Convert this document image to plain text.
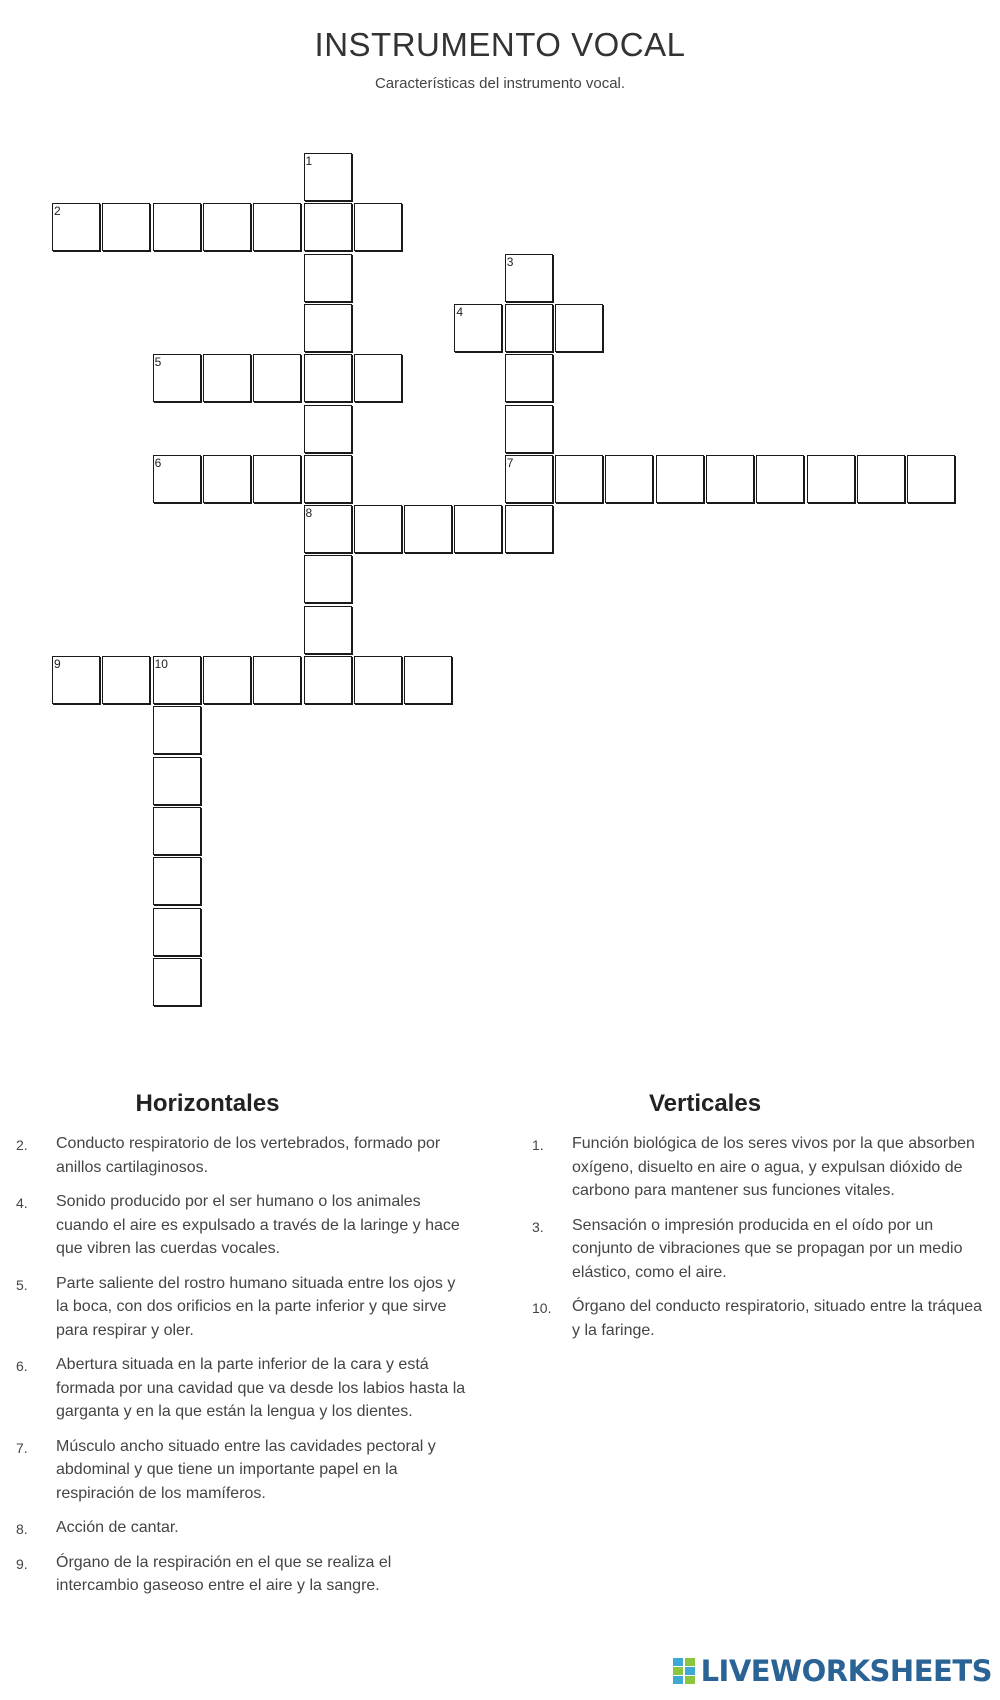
INSTRUMENTO VOCAL
Características del instrumento vocal.
1
8
2
3
7
4
5
6
9	10
Horizontales
2. Conducto respiratorio de los vertebrados, formado por anillos cartilaginosos.
4. Sonido producido por el ser humano o los animales cuando el aire es expulsado a través de la laringe y hace que vibren las cuerdas vocales.
5. Parte saliente del rostro humano situada entre los ojos y la boca, con dos orificios en la parte inferior y que sirve para respirar y oler.
6. Abertura situada en la parte inferior de la cara y está formada por una cavidad que va desde los labios hasta la garganta y en la que están la lengua y los dientes.
7. Músculo ancho situado entre las cavidades pectoral y abdominal y que tiene un importante papel en la respiración de los mamíferos.
8. Acción de cantar.
9. Órgano de la respiración en el que se realiza el intercambio gaseoso entre el aire y la sangre.
Verticales
1. Función biológica de los seres vivos por la que absorben oxígeno, disuelto en aire o agua, y expulsan dióxido de carbono para mantener sus funciones vitales.
3. Sensación o impresión producida en el oído por un conjunto de vibraciones que se propagan por un medio elástico, como el aire.
10. Órgano del conducto respiratorio, situado entre la tráquea y la faringe.
LIVEWORKSHEETS
